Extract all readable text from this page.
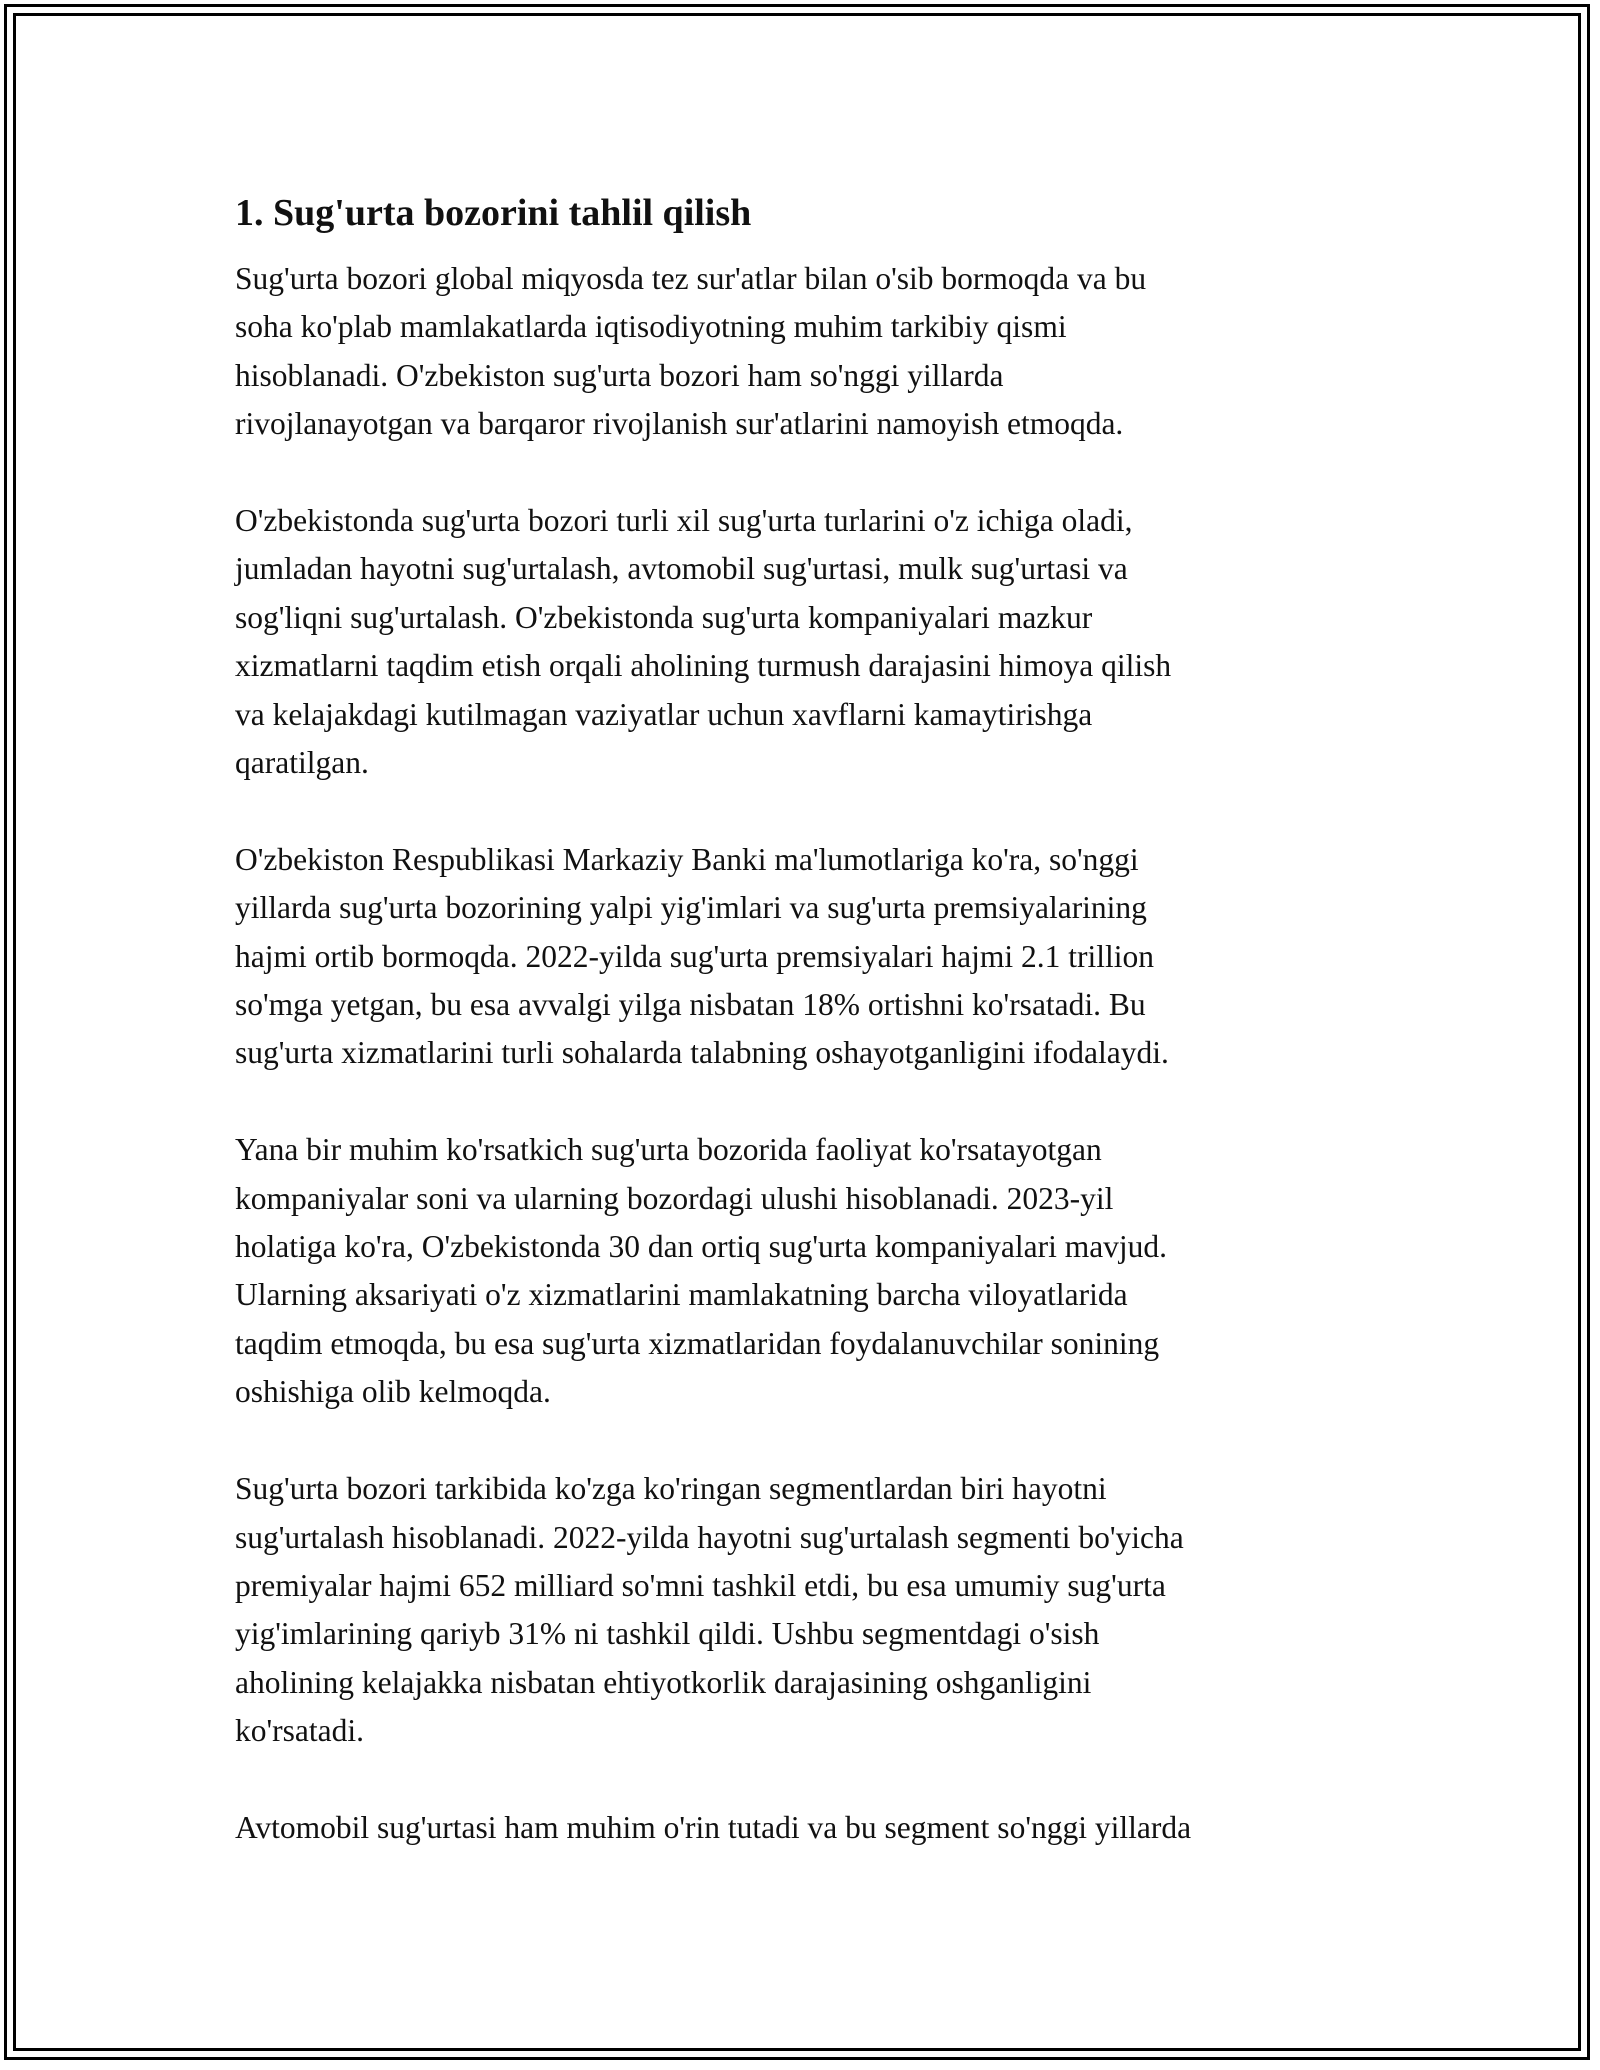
1. Sug'urta bozorini tahlil qilish

Sug'urta bozori global miqyosda tez sur'atlar bilan o'sib bormoqda va bu
soha ko'plab mamlakatlarda iqtisodiyotning muhim tarkibiy qismi
hisoblanadi. O'zbekiston sug'urta bozori ham so'nggi yillarda
rivojlanayotgan va barqaror rivojlanish sur'atlarini namoyish etmoqda.

O'zbekistonda sug'urta bozori turli xil sug'urta turlarini o'z ichiga oladi,
jumladan hayotni sug'urtalash, avtomobil sug'urtasi, mulk sug'urtasi va
sog'liqni sug'urtalash. O'zbekistonda sug'urta kompaniyalari mazkur
xizmatlarni taqdim etish orqali aholining turmush darajasini himoya qilish
va kelajakdagi kutilmagan vaziyatlar uchun xavflarni kamaytirishga
qaratilgan.

O'zbekiston Respublikasi Markaziy Banki ma'lumotlariga ko'ra, so'nggi
yillarda sug'urta bozorining yalpi yig'imlari va sug'urta premsiyalarining
hajmi ortib bormoqda. 2022-yilda sug'urta premsiyalari hajmi 2.1 trillion
so'mga yetgan, bu esa avvalgi yilga nisbatan 18% ortishni ko'rsatadi. Bu
sug'urta xizmatlarini turli sohalarda talabning oshayotganligini ifodalaydi.

Yana bir muhim ko'rsatkich sug'urta bozorida faoliyat ko'rsatayotgan
kompaniyalar soni va ularning bozordagi ulushi hisoblanadi. 2023-yil
holatiga ko'ra, O'zbekistonda 30 dan ortiq sug'urta kompaniyalari mavjud.
Ularning aksariyati o'z xizmatlarini mamlakatning barcha viloyatlarida
taqdim etmoqda, bu esa sug'urta xizmatlaridan foydalanuvchilar sonining
oshishiga olib kelmoqda.

Sug'urta bozori tarkibida ko'zga ko'ringan segmentlardan biri hayotni
sug'urtalash hisoblanadi. 2022-yilda hayotni sug'urtalash segmenti bo'yicha
premiyalar hajmi 652 milliard so'mni tashkil etdi, bu esa umumiy sug'urta
yig'imlarining qariyb 31% ni tashkil qildi. Ushbu segmentdagi o'sish
aholining kelajakka nisbatan ehtiyotkorlik darajasining oshganligini
ko'rsatadi.

Avtomobil sug'urtasi ham muhim o'rin tutadi va bu segment so'nggi yillarda
